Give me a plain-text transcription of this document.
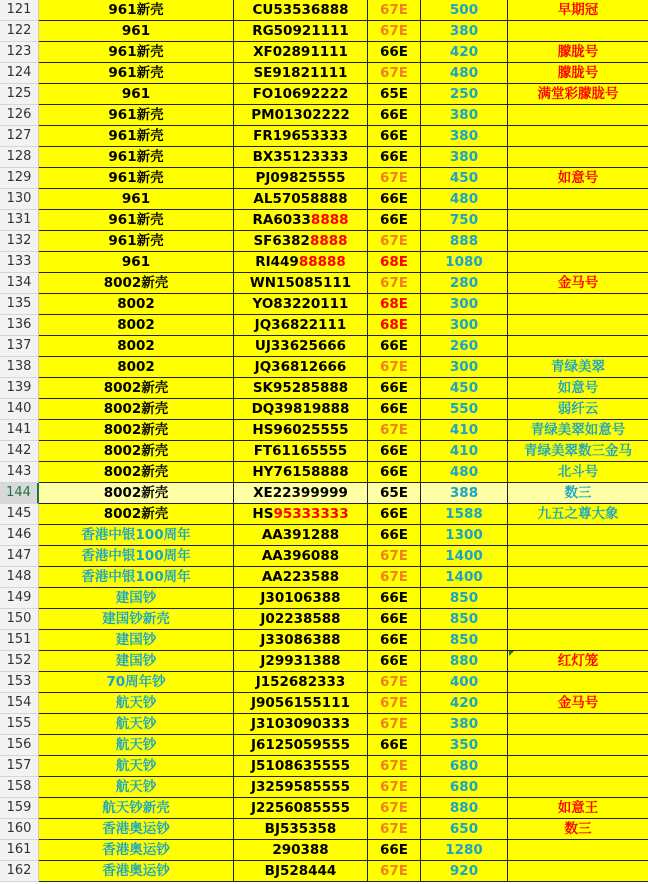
121	961新壳	CU53536888	67E	500	早期冠
122	961	RG50921111	67E	380
123	961新壳	XF02891111	66E	420	朦胧号
124	961新壳	SE91821111	67E	480	朦胧号
125	961	FO10692222	65E	250	满堂彩朦胧号
126	961新壳	PM01302222	66E	380
127	961新壳	FR19653333	66E	380
128	961新壳	BX35123333	66E	380
129	961新壳	PJ09825555	67E	450	如意号
130	961	AL57058888	66E	480
131	961新壳	RA60338888	66E	750
132	961新壳	SF63828888	67E	888
133	961	RI44988888	68E	1080
134	8002新壳	WN15085111	67E	280	金马号
135	8002	YO83220111	68E	300
136	8002	JQ36822111	68E	300
137	8002	UJ33625666	66E	260
138	8002	JQ36812666	67E	300	青绿美翠
139	8002新壳	SK95285888	66E	450	如意号
140	8002新壳	DQ39819888	66E	550	弱纤云
141	8002新壳	HS96025555	67E	410	青绿美翠如意号
142	8002新壳	FT61165555	66E	410	青绿美翠数三金马
143	8002新壳	HY76158888	66E	480	北斗号
144	8002新壳	XE22399999	65E	388	数三
145	8002新壳	HS95333333	66E	1588	九五之尊大象
146	香港中银100周年	AA391288	66E	1300
147	香港中银100周年	AA396088	67E	1400
148	香港中银100周年	AA223588	67E	1400
149	建国钞	J30106388	66E	850
150	建国钞新壳	J02238588	66E	850
151	建国钞	J33086388	66E	850
152	建国钞	J29931388	66E	880	红灯笼
153	70周年钞	J152682333	67E	400
154	航天钞	J9056155111	67E	420	金马号
155	航天钞	J3103090333	67E	380
156	航天钞	J6125059555	66E	350
157	航天钞	J5108635555	67E	680
158	航天钞	J3259585555	67E	680
159	航天钞新壳	J2256085555	67E	880	如意王
160	香港奥运钞	BJ535358	67E	650	数三
161	香港奥运钞	290388	66E	1280
162	香港奥运钞	BJ528444	67E	920
